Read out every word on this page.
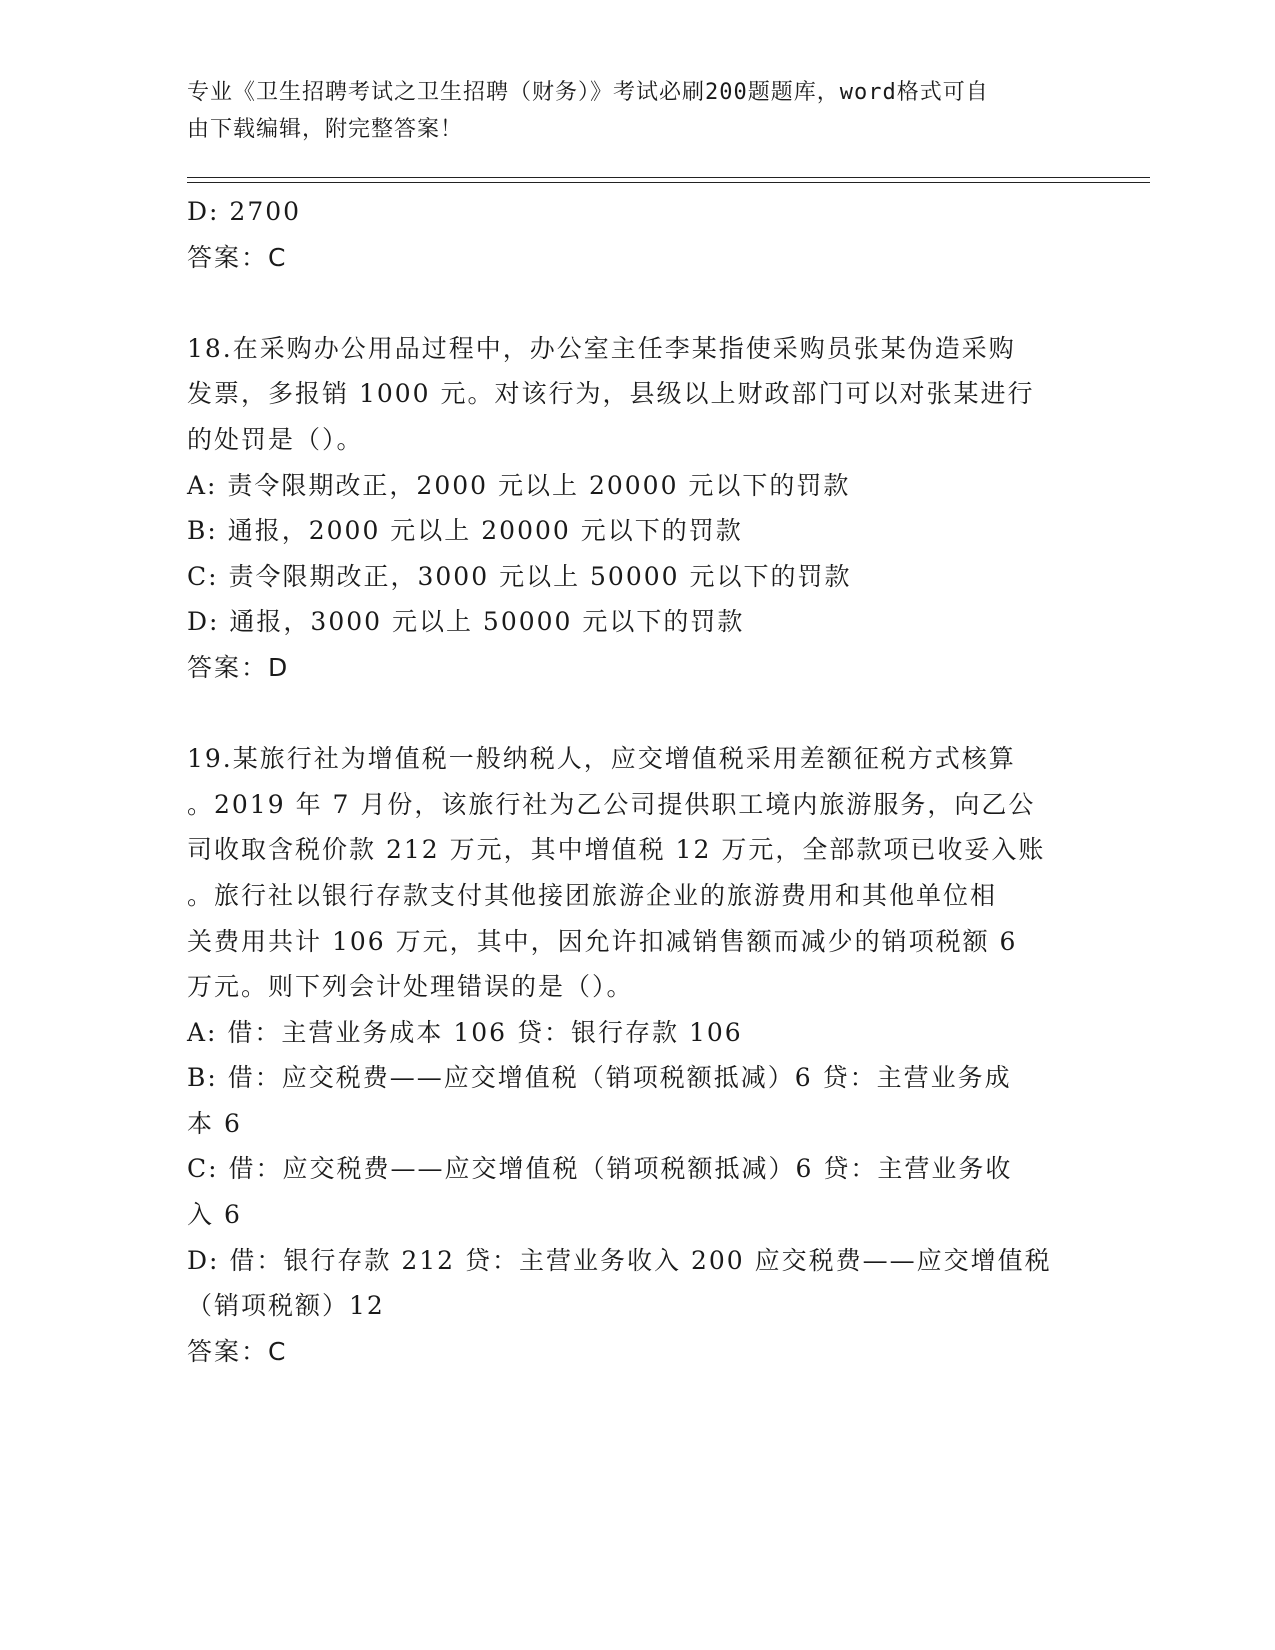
专业《卫生招聘考试之卫生招聘（财务）》考试必刷200题题库，word格式可自
由下载编辑，附完整答案！
D: 2700
答案：C
18.在采购办公用品过程中，办公室主任李某指使采购员张某伪造采购
发票，多报销 1000 元。对该行为，县级以上财政部门可以对张某进行
的处罚是（）。
A: 责令限期改正，2000 元以上 20000 元以下的罚款
B: 通报，2000 元以上 20000 元以下的罚款
C: 责令限期改正，3000 元以上 50000 元以下的罚款
D: 通报，3000 元以上 50000 元以下的罚款
答案：D
19.某旅行社为增值税一般纳税人，应交增值税采用差额征税方式核算
。2019 年 7 月份，该旅行社为乙公司提供职工境内旅游服务，向乙公
司收取含税价款 212 万元，其中增值税 12 万元，全部款项已收妥入账
。旅行社以银行存款支付其他接团旅游企业的旅游费用和其他单位相
关费用共计 106 万元，其中，因允许扣减销售额而减少的销项税额 6
万元。则下列会计处理错误的是（）。
A: 借：主营业务成本 106 贷：银行存款 106
B: 借：应交税费——应交增值税（销项税额抵减）6 贷：主营业务成
本 6
C: 借：应交税费——应交增值税（销项税额抵减）6 贷：主营业务收
入 6
D: 借：银行存款 212 贷：主营业务收入 200 应交税费——应交增值税
（销项税额）12
答案：C
